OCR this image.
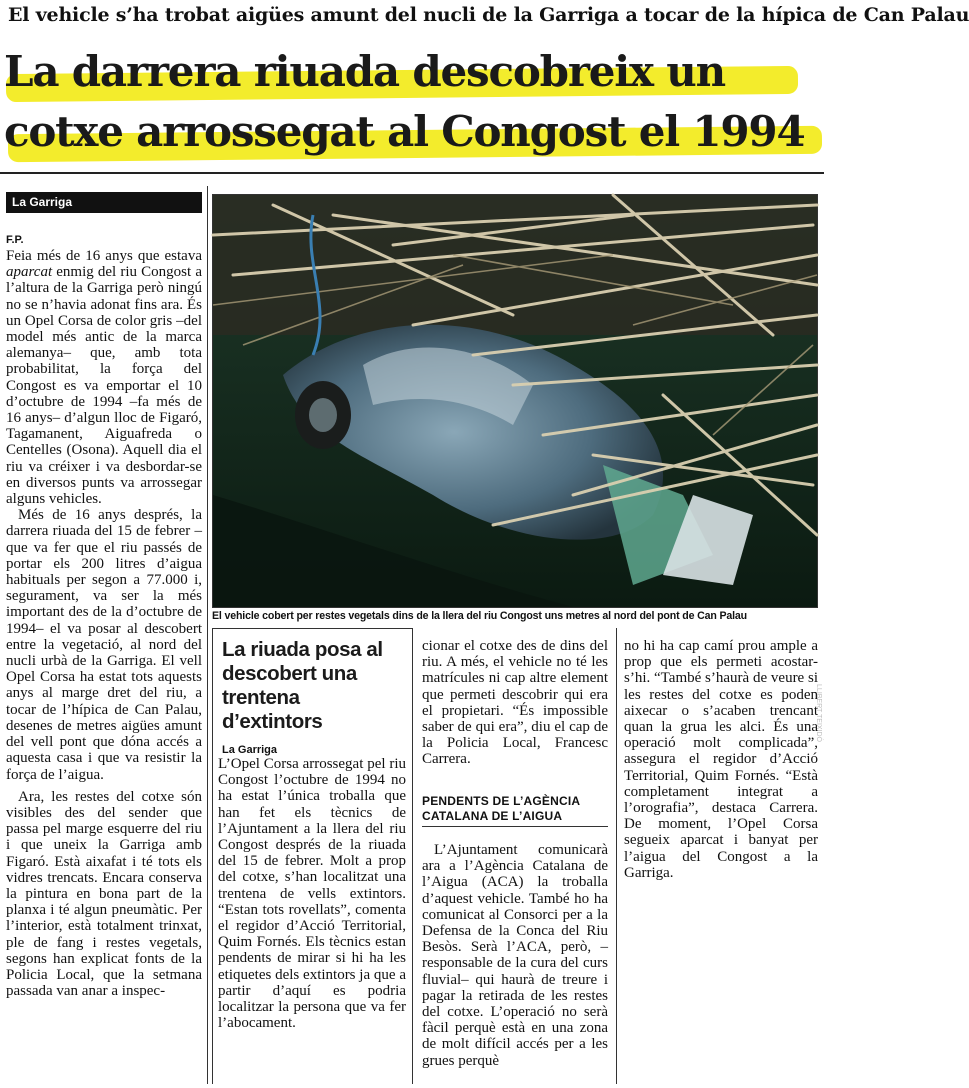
El vehicle s’ha trobat aigües amunt del nucli de la Garriga a tocar de la hípica de Can Palau
La darrera riuada descobreix un
cotxe arrossegat al Congost el 1994
La Garriga
F.P.

Feia més de 16 anys que estava aparcat enmig del riu Congost a l’altura de la Garriga però ningú no se n’havia adonat fins ara. És un Opel Corsa de color gris –del model més antic de la marca alemanya– que, amb tota probabilitat, la força del Congost es va emportar el 10 d’octubre de 1994 –fa més de 16 anys– d’algun lloc de Figaró, Tagamanent, Aiguafreda o Centelles (Osona). Aquell dia el riu va créixer i va desbordar-se en diversos punts va arrossegar alguns vehicles.

Més de 16 anys després, la darrera riuada del 15 de febrer –que va fer que el riu passés de portar els 200 litres d’aigua habituals per segon a 77.000 i, segurament, va ser la més important des de la d’octubre de 1994– el va posar al descobert entre la vegetació, al nord del nucli urbà de la Garriga. El vell Opel Corsa ha estat tots aquests anys al marge dret del riu, a tocar de l’hípica de Can Palau, desenes de metres aigües amunt del vell pont que dóna accés a aquesta casa i que va resistir la força de l’aigua.

Ara, les restes del cotxe són visibles des del sender que passa pel marge esquerre del riu i que uneix la Garriga amb Figaró. Està aixafat i té tots els vidres trencats. Encara conserva la pintura en bona part de la planxa i té algun pneumàtic. Per l’interior, està totalment trinxat, ple de fang i restes vegetals, segons han explicat fonts de la Policia Local, que la setmana passada van anar a inspec-

LLIBERT TEIXIDÓ
El vehicle cobert per restes vegetals dins de la llera del riu Congost uns metres al nord del pont de Can Palau
La riuada posa al descobert una trentena d’extintors
La Garriga

L’Opel Corsa arrossegat pel riu Congost l’octubre de 1994 no ha estat l’única troballa que han fet els tècnics de l’Ajuntament a la llera del riu Congost després de la riuada del 15 de febrer. Molt a prop del cotxe, s’han localitzat una trentena de vells extintors. “Estan tots rovellats”, comenta el regidor d’Acció Territorial, Quim Fornés. Els tècnics estan pendents de mirar si hi ha les etiquetes dels extintors ja que a partir d’aquí es podria localitzar la persona que va fer l’abocament.

cionar el cotxe des de dins del riu. A més, el vehicle no té les matrícules ni cap altre element que permeti descobrir qui era el propietari. “És impossible saber de qui era”, diu el cap de la Policia Local, Francesc Carrera.

PENDENTS DE L’AGÈNCIA CATALANA DE L’AIGUA

L’Ajuntament comunicarà ara a l’Agència Catalana de l’Aigua (ACA) la troballa d’aquest vehicle. També ho ha comunicat al Consorci per a la Defensa de la Conca del Riu Besòs. Serà l’ACA, però, –responsable de la cura del curs fluvial– qui haurà de treure i pagar la retirada de les restes del cotxe. L’operació no serà fàcil perquè està en una zona de molt difícil accés per a les grues perquè

no hi ha cap camí prou ample a prop que els permeti acostar-s’hi. “També s’haurà de veure si les restes del cotxe es poden aixecar o s’acaben trencant quan la grua les alci. És una operació molt complicada”, assegura el regidor d’Acció Territorial, Quim Fornés. “Està completament integrat a l’orografia”, destaca Carrera. De moment, l’Opel Corsa segueix aparcat i banyat per l’aigua del Congost a la Garriga.
